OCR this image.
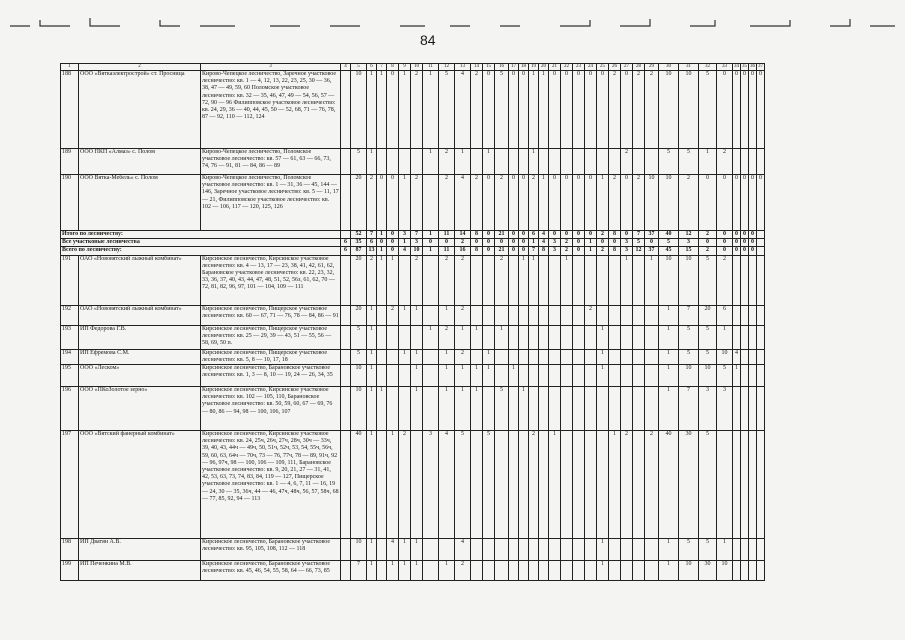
84
1	2	3	4	5	6	7	8	9	10	11	12	13	14	15	16	17	18	19	20	21	22	23	24	25	26	27	28	29	30	31	32	33	34	35	36	37
188	ООО «Вяткаэлектрострой» ст. Просница	Кирово-Чепецкое лесничество, Заречное участковое лесничество: кв. 1 — 4, 12, 13, 22, 23, 25, 30 — 36, 38, 47 — 49, 59, 60 Поломское участковое лесничество: кв. 32 — 35, 46, 47, 49 — 54, 56, 57 — 72, 90 — 96 Филипповское участковое лесничество: кв. 24, 29, 36 — 40, 44, 45, 50 — 52, 68, 71 — 76, 78, 87 — 92, 110 — 112, 124		10	1	1	0	1	2	1	5	4	2	0	5	0	0	1	1	0	0	0	0	0	2	0	2	2	10	10	5	0	0	0	0	0
189	ООО ПКП «Алмаз» с. Полом	Кирово-Чепецкое лесничество, Поломское участковое лесничество: кв. 57 — 61, 63 — 66, 73, 74, 76 — 91, 81 — 84, 86 — 89		5	1					1	2	1		1				1								2			5	5	1	2				
190	ООО Вятка-Мебель» с. Полом	Кирово-Чепецкое лесничество, Поломское участковое лесничество: кв. 1 — 31, 36 — 45, 144 — 146, Заречное участковое лесничество: кв. 5 — 11, 17 — 21, Филипповское участковое лесничество: кв. 102 — 106, 117 — 120, 125, 126		20	2	0	0	1	2		2	4	2	0	2	0	0	2	1	0	0	0	0	1	2	0	2	10	10	2	0	0	0	0	0	0
Итого по лесничеству:				52	7	1	0	3	7	1	11	14	8	0	21	0	0	6	4	0	0	0	0	2	8	0	7	37	40	12	2	0	0	0	0	
Все участковые лесничества			6	35	6	0	0	1	3	0	0	2	0	0	0	0	0	1	4	3	2	0	1	0	0	3	5	0	5	3	0	0	0	0	0	
Всего по лесничеству:			6	87	13	1	0	4	10	1	11	16	8	0	21	0	0	7	8	3	2	0	1	2	8	3	12	37	45	15	2	0	0	0	0	
191	ОАО «Нововятский лыжный комбинат»	Кирсинское лесничество, Кирсинское участковое лесничество: кв. 4 — 13, 17 — 23, 38, 41, 42, 61, 62, Барановское участковое лесничество: кв. 22, 23, 32, 33, 36, 37, 40, 43, 44, 47, 48, 51, 52, 56з, 61, 62, 70 — 72, 81, 82, 96, 97, 101 — 104, 109 — 111		20	2	1	1		2		2	2			2		1	1			1					1		1	10	10	5	2				
192	ОАО «Нововятский лыжный комбинат»	Кирсинское лесничество, Пищерское участковое лесничество: кв. 60 — 67, 71 — 76, 78 — 84, 86 — 91		20	1		2	1	1		1	2											2						1	7	20	6				
193	ИП Федорова Г.В.	Кирсинское лесничество, Пищерское участковое лесничество: кв. 25 — 29, 39 — 43, 51 — 55, 56 — 58, 69, 50 п.		5	1					1	2	1	1		1									1					1	5	5	1				
194	ИП Ефремова С.М.	Кирсинское лесничество, Пищерское участковое лесничество: кв. 5, 8 — 10, 17, 18		5	1			1	1		1	2		1										1					1	5	5	10	4			
195	ООО «Леском»	Кирсинское лесничество, Барановское участковое лесничество: кв. 1, 3 — 8, 10 — 19, 24 — 26, 34, 35		10	1				1		1	1	1	1		1								1					1	10	10	5	1			
196	ООО «ПКоЗолотое зерно»	Кирсинское лесничество, Кирсинское участковое лесничество: кв. 102 — 105, 110, Барановское участковое лесничество: кв. 50, 59, 60, 67 — 69, 76 — 80, 86 — 94, 98 — 100, 106, 107		10	1	1			1		1	1	1		5		1												1	7	3	3				
197	ООО «Вятский фанерный комбинат»	Кирсинское лесничество, Кирсинское участковое лесничество: кв. 24, 25ч, 26ч, 27ч, 28ч, 30ч — 33ч, 39, 40, 43, 44ч — 49ч, 50, 51ч, 52ч, 53, 54, 55ч, 56ч, 59, 60, 63, 64ч — 70ч, 73 — 76, 77ч, 78 — 89, 91ч, 92 — 96, 97ч, 98 — 100, 106 — 109, 111, Барановское участковое лесничество: кв. 9, 20, 21, 27 — 31, 41, 42, 53, 63, 73, 74, 83, 84, 119 — 127, Пищерское участковое лесничество: кв. 1 — 4, 6, 7, 11 — 16, 19 — 24, 30 — 35, 36ч, 44 — 46, 47ч, 48ч, 56, 57, 58ч, 68 — 77, 85, 92, 94 — 113		40	1		1	2		3	4	5		5				2		1					1	2		2	40	30	5					
198	ИП Дватян А.В.	Кирсинское лесничество, Барановское участковое лесничество: кв. 95, 105, 108, 112 — 118		10	1		4	1	1			4												1					1	5	5	1				
199	ИП Печенкина М.В.	Кирсинское лесничество, Барановское участковое лесничество: кв. 45, 46, 54, 55, 58, 64 — 66, 73, 85		7	1		1	1	1		1	2												1					1	10	30	10				
